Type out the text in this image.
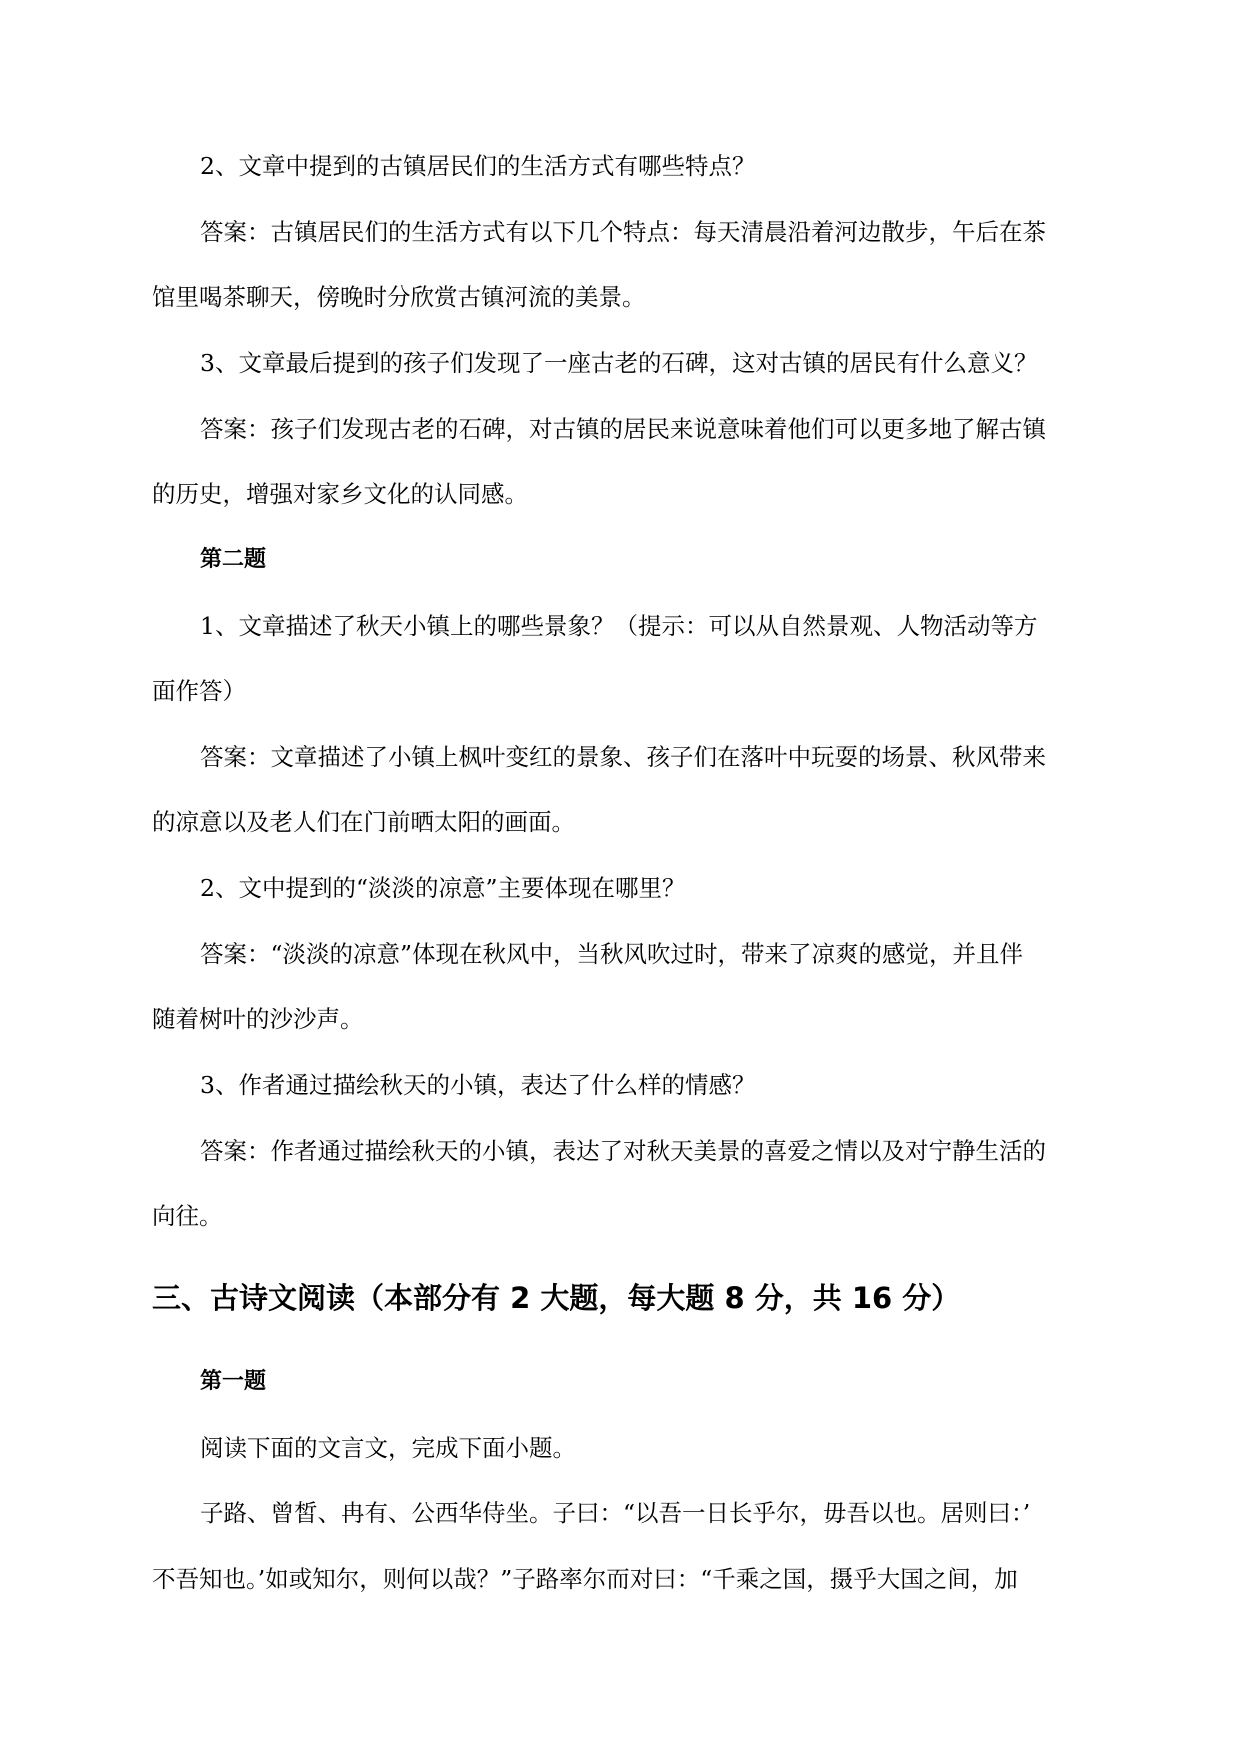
2、文章中提到的古镇居民们的生活方式有哪些特点？

答案：古镇居民们的生活方式有以下几个特点：每天清晨沿着河边散步，午后在茶

馆里喝茶聊天，傍晚时分欣赏古镇河流的美景。

3、文章最后提到的孩子们发现了一座古老的石碑，这对古镇的居民有什么意义？

答案：孩子们发现古老的石碑，对古镇的居民来说意味着他们可以更多地了解古镇

的历史，增强对家乡文化的认同感。

第二题

1、文章描述了秋天小镇上的哪些景象？（提示：可以从自然景观、人物活动等方

面作答）

答案：文章描述了小镇上枫叶变红的景象、孩子们在落叶中玩耍的场景、秋风带来

的凉意以及老人们在门前晒太阳的画面。

2、文中提到的“淡淡的凉意”主要体现在哪里？

答案：“淡淡的凉意”体现在秋风中，当秋风吹过时，带来了凉爽的感觉，并且伴

随着树叶的沙沙声。

3、作者通过描绘秋天的小镇，表达了什么样的情感？

答案：作者通过描绘秋天的小镇，表达了对秋天美景的喜爱之情以及对宁静生活的

向往。

三、古诗文阅读（本部分有 2 大题，每大题 8 分，共 16 分）

第一题

阅读下面的文言文，完成下面小题。

子路、曾皙、冉有、公西华侍坐。子曰：“以吾一日长乎尔，毋吾以也。居则曰：’

不吾知也。’如或知尔，则何以哉？”子路率尔而对曰：“千乘之国，摄乎大国之间，加
